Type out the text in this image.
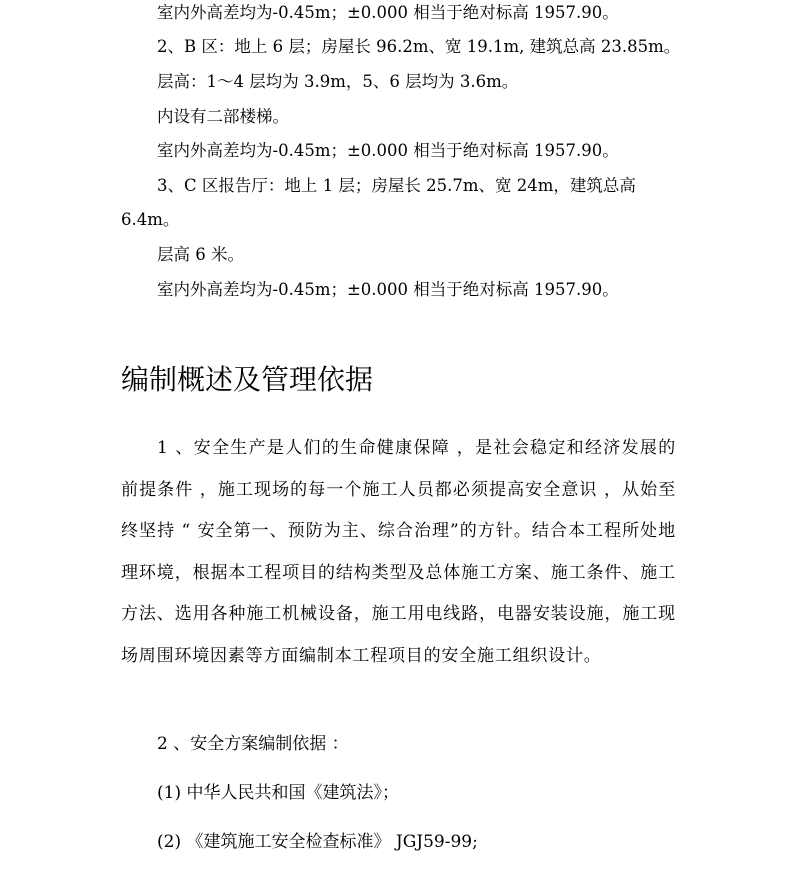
室内外高差均为-0.45m；±0.000 相当于绝对标高 1957.90。
2、B 区：地上 6 层；房屋长 96.2m、宽 19.1m, 建筑总高 23.85m。
层高：1～4 层均为 3.9m，5、6 层均为 3.6m。
内设有二部楼梯。
室内外高差均为-0.45m；±0.000 相当于绝对标高 1957.90。
3、C 区报告厅：地上 1 层；房屋长 25.7m、宽 24m，建筑总高
6.4m。
层高 6 米。
室内外高差均为-0.45m；±0.000 相当于绝对标高 1957.90。
编制概述及管理依据
1 、安全生产是人们的生命健康保障 ，是社会稳定和经济发展的前提条件 ，施工现场的每一个施工人员都必须提高安全意识 ，从始至终坚持 “ 安全第一、预防为主、综合治理”的方针。结合本工程所处地理环境，根据本工程项目的结构类型及总体施工方案、施工条件、施工方法、选用各种施工机械设备，施工用电线路，电器安装设施，施工现场周围环境因素等方面编制本工程项目的安全施工组织设计。
2 、安全方案编制依据 ：
(1) 中华人民共和国《建筑法》；
(2) 《建筑施工安全检查标准》 JGJ59-99;
